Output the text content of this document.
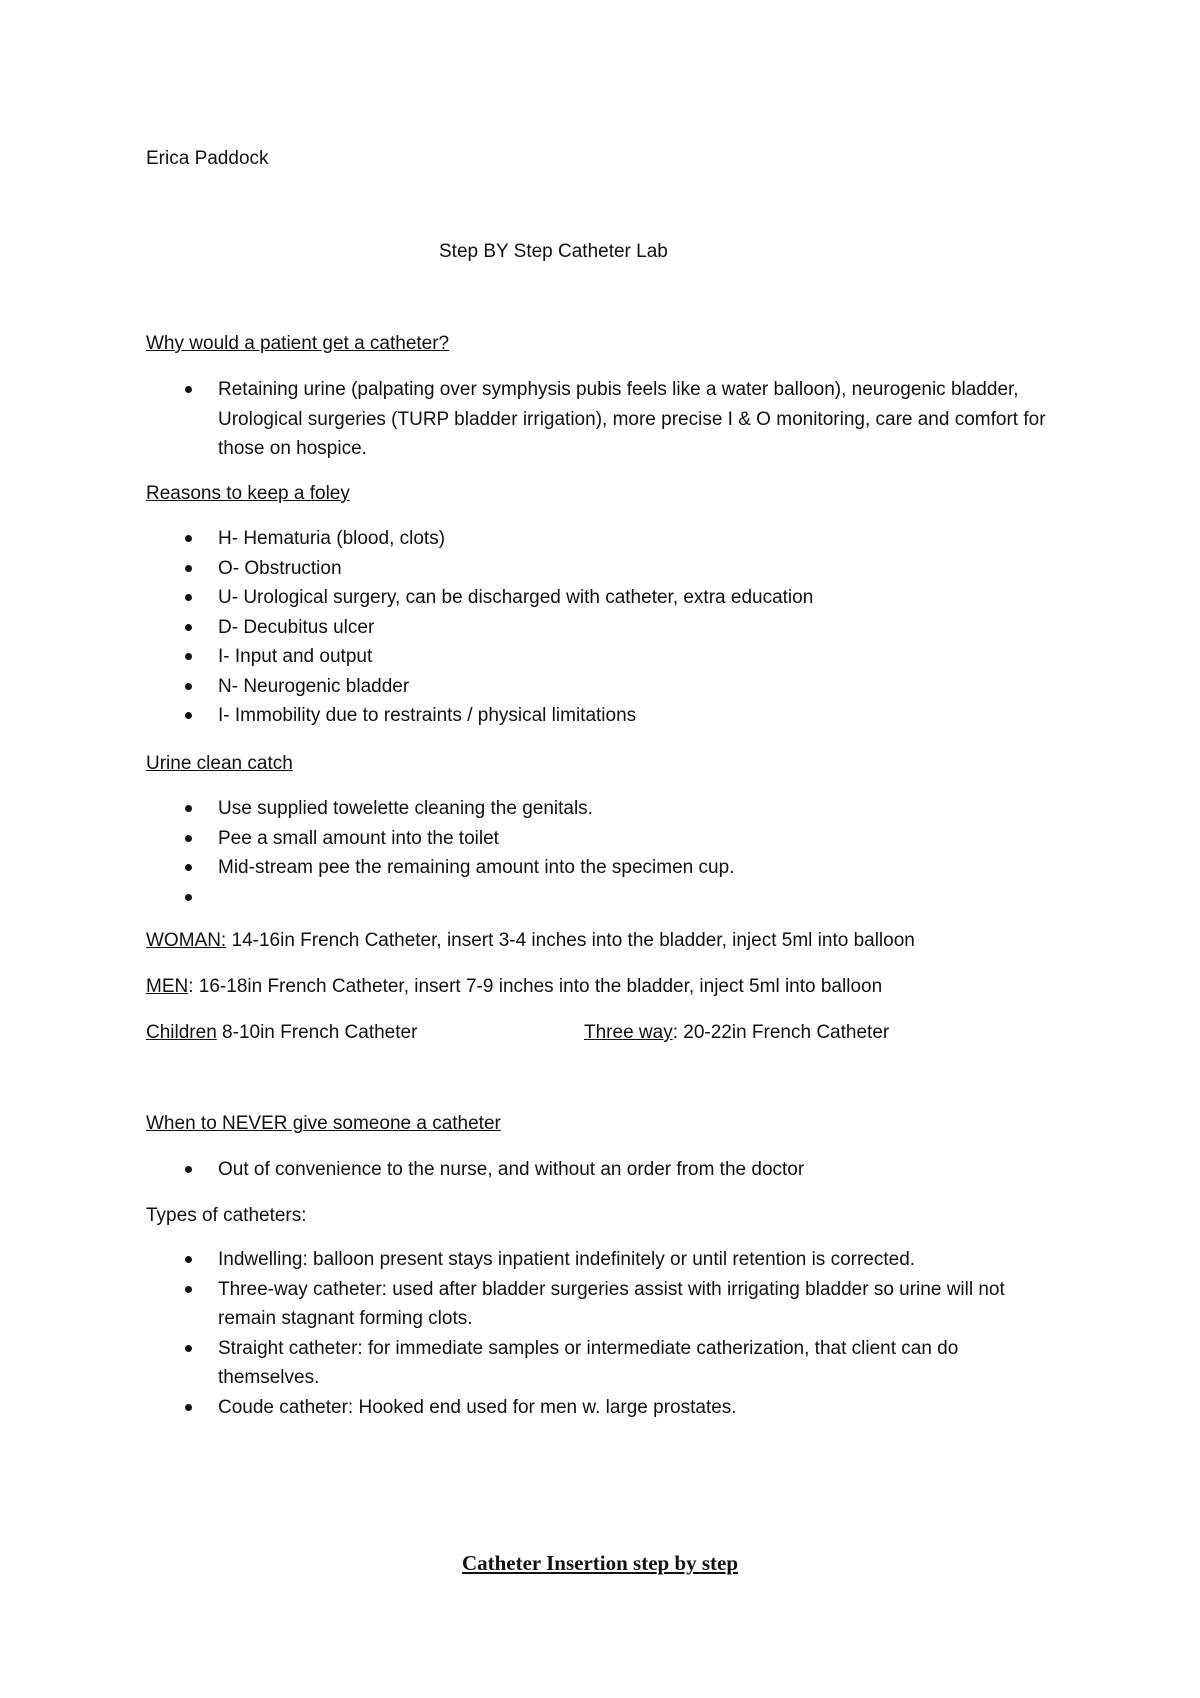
Erica Paddock

Step BY Step Catheter Lab

Why would a patient get a catheter?

Retaining urine (palpating over symphysis pubis feels like a water balloon), neurogenic bladder, Urological surgeries (TURP bladder irrigation), more precise I & O monitoring, care and comfort for those on hospice.

Reasons to keep a foley

H- Hematuria (blood, clots)
O- Obstruction
U- Urological surgery, can be discharged with catheter, extra education
D- Decubitus ulcer
I- Input and output
N- Neurogenic bladder
I- Immobility due to restraints / physical limitations

Urine clean catch

Use supplied towelette cleaning the genitals.
Pee a small amount into the toilet
Mid-stream pee the remaining amount into the specimen cup.

WOMAN: 14-16in French Catheter, insert 3-4 inches into the bladder, inject 5ml into balloon

MEN: 16-18in French Catheter, insert 7-9 inches into the bladder, inject 5ml into balloon

Children 8-10in French Catheter	Three way: 20-22in French Catheter

When to NEVER give someone a catheter

Out of convenience to the nurse, and without an order from the doctor

Types of catheters:

Indwelling: balloon present stays inpatient indefinitely or until retention is corrected.
Three-way catheter: used after bladder surgeries assist with irrigating bladder so urine will not remain stagnant forming clots.
Straight catheter: for immediate samples or intermediate catherization, that client can do themselves.
Coude catheter: Hooked end used for men w. large prostates.

Catheter Insertion step by step
